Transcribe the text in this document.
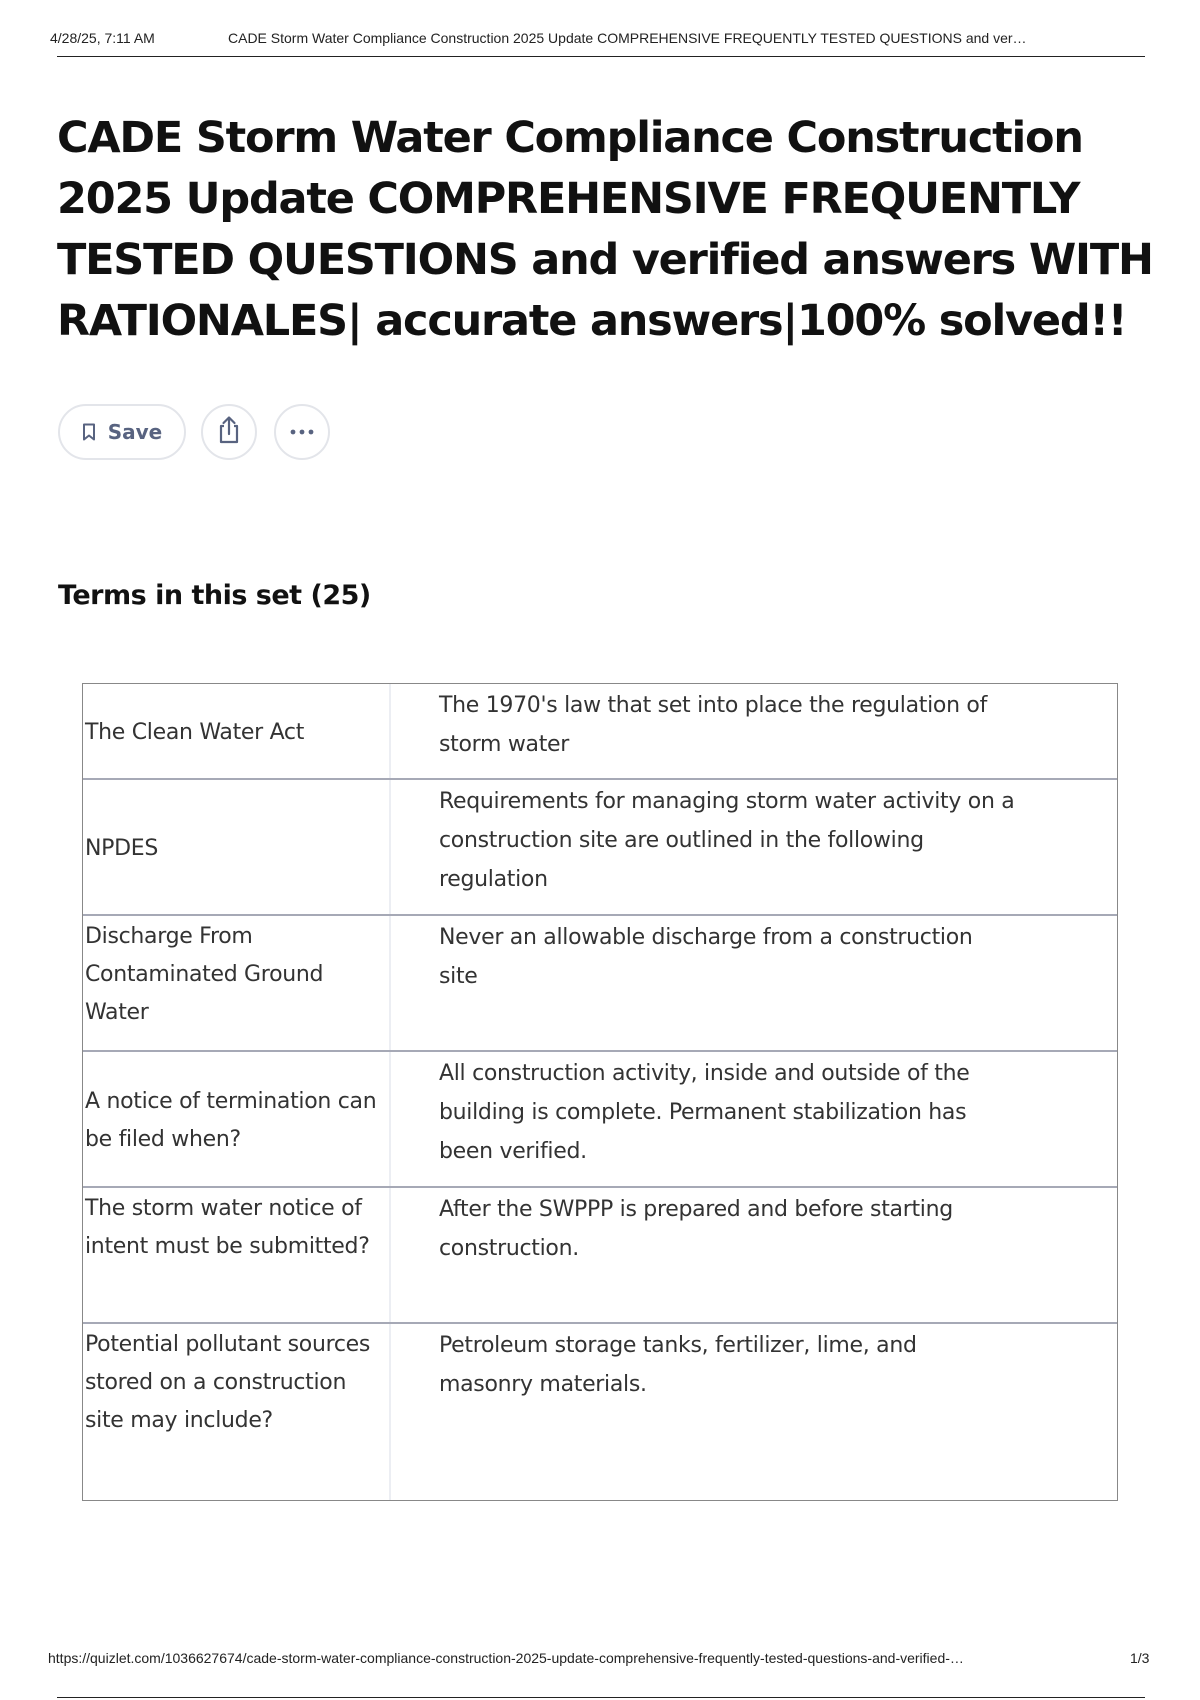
4/28/25, 7:11 AM	CADE Storm Water Compliance Construction 2025 Update COMPREHENSIVE FREQUENTLY TESTED QUESTIONS and ver…
CADE Storm Water Compliance Construction 2025 Update COMPREHENSIVE FREQUENTLY TESTED QUESTIONS and verified answers WITH RATIONALES| accurate answers|100% solved!!
Save
Terms in this set (25)
The Clean Water Act
The 1970's law that set into place the regulation of storm water
NPDES
Requirements for managing storm water activity on a construction site are outlined in the following regulation
Discharge From Contaminated Ground Water
Never an allowable discharge from a construction site
A notice of termination can be filed when?
All construction activity, inside and outside of the building is complete. Permanent stabilization has been verified.
The storm water notice of intent must be submitted?
After the SWPPP is prepared and before starting construction.
Potential pollutant sources stored on a construction site may include?
Petroleum storage tanks, fertilizer, lime, and masonry materials.
https://quizlet.com/1036627674/cade-storm-water-compliance-construction-2025-update-comprehensive-frequently-tested-questions-and-verified-…	1/3
